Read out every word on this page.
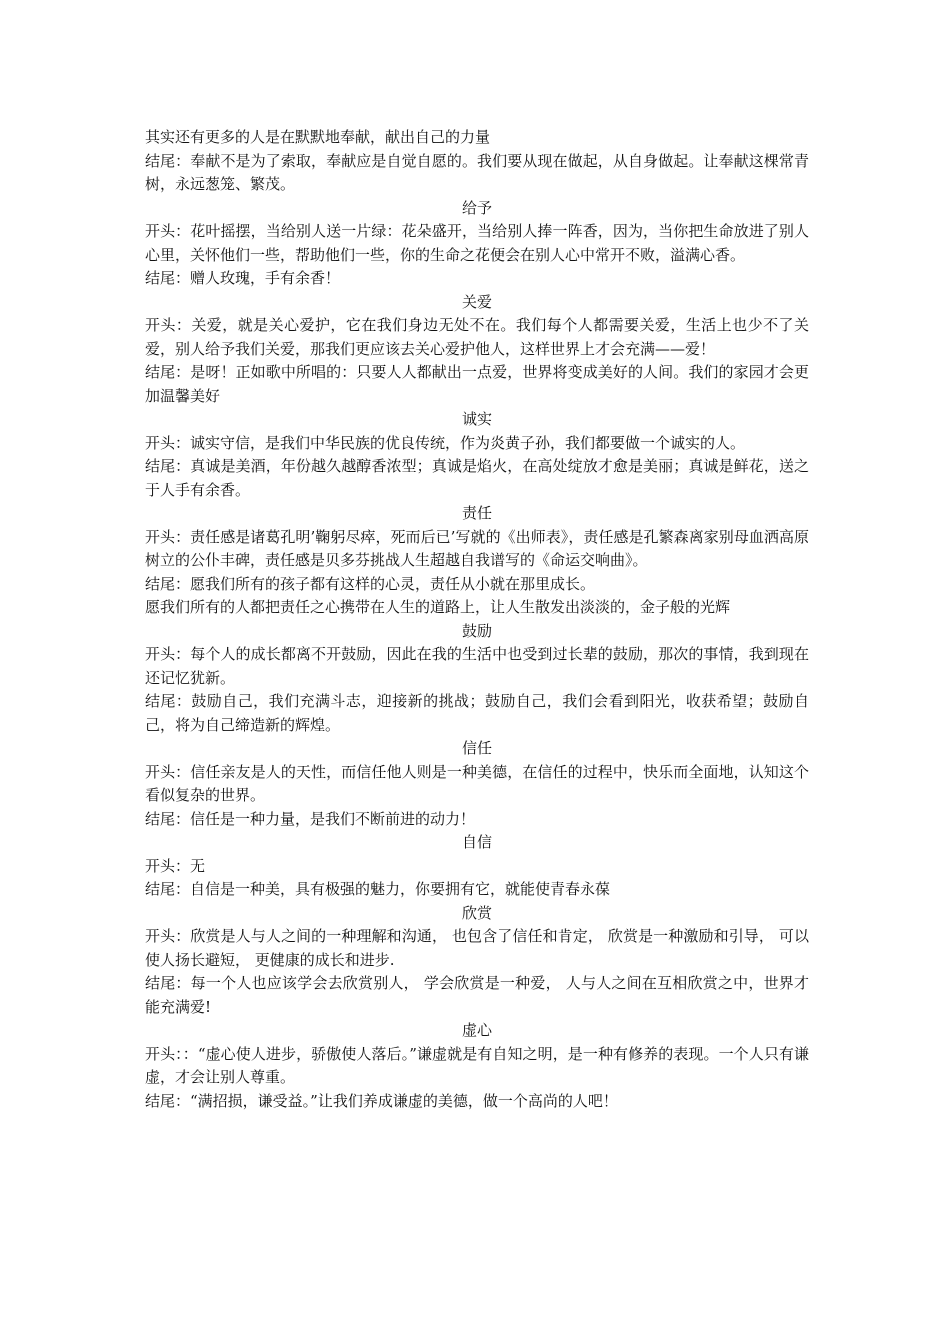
其实还有更多的人是在默默地奉献，献出自己的力量

结尾：奉献不是为了索取，奉献应是自觉自愿的。我们要从现在做起，从自身做起。让奉献这棵常青树，永远葱笼、繁茂。

给予

开头：花叶摇摆，当给别人送一片绿：花朵盛开，当给别人捧一阵香，因为，当你把生命放进了别人心里，关怀他们一些，帮助他们一些，你的生命之花便会在别人心中常开不败，溢满心香。

结尾：赠人玫瑰，手有余香！

关爱

开头：关爱，就是关心爱护，它在我们身边无处不在。我们每个人都需要关爱，生活上也少不了关爱，别人给予我们关爱，那我们更应该去关心爱护他人，这样世界上才会充满——爱！

结尾：是呀！正如歌中所唱的：只要人人都献出一点爱，世界将变成美好的人间。我们的家园才会更加温馨美好

诚实

开头：诚实守信，是我们中华民族的优良传统，作为炎黄子孙，我们都要做一个诚实的人。

结尾：真诚是美酒，年份越久越醇香浓型；真诚是焰火，在高处绽放才愈是美丽；真诚是鲜花，送之于人手有余香。

责任

开头：责任感是诸葛孔明’鞠躬尽瘁，死而后已’写就的《出师表》，责任感是孔繁森离家别母血洒高原树立的公仆丰碑，责任感是贝多芬挑战人生超越自我谱写的《命运交响曲》。

结尾：愿我们所有的孩子都有这样的心灵，责任从小就在那里成长。

愿我们所有的人都把责任之心携带在人生的道路上，让人生散发出淡淡的，金子般的光辉

鼓励

开头：每个人的成长都离不开鼓励，因此在我的生活中也受到过长辈的鼓励，那次的事情，我到现在还记忆犹新。

结尾：鼓励自己，我们充满斗志，迎接新的挑战；鼓励自己，我们会看到阳光，收获希望；鼓励自己，将为自己缔造新的辉煌。

信任

开头：信任亲友是人的天性，而信任他人则是一种美德，在信任的过程中，快乐而全面地，认知这个看似复杂的世界。

结尾：信任是一种力量，是我们不断前进的动力！

自信

开头：无

结尾：自信是一种美，具有极强的魅力，你要拥有它，就能使青春永葆

欣赏

开头：欣赏是人与人之间的一种理解和沟通， 也包含了信任和肯定， 欣赏是一种激励和引导， 可以使人扬长避短， 更健康的成长和进步.

结尾：每一个人也应该学会去欣赏别人， 学会欣赏是一种爱， 人与人之间在互相欣赏之中，世界才能充满爱!

虚心

开头：：“虚心使人进步，骄傲使人落后。”谦虚就是有自知之明，是一种有修养的表现。一个人只有谦虚，才会让别人尊重。

结尾：“满招损，谦受益。”让我们养成谦虚的美德，做一个高尚的人吧！
